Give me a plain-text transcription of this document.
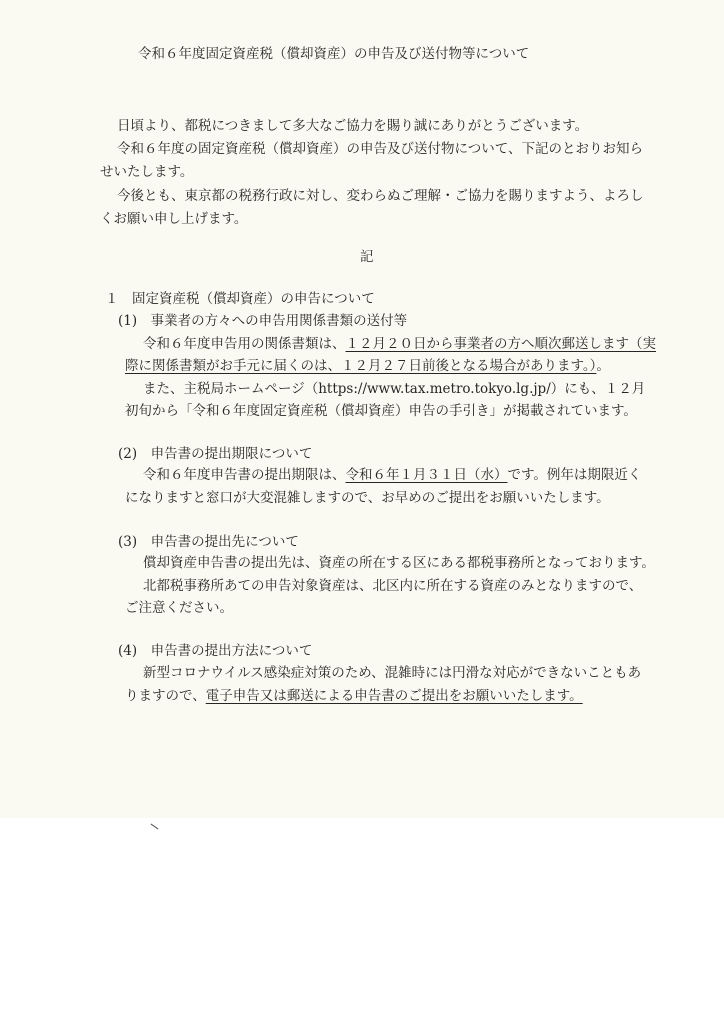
令和６年度固定資産税（償却資産）の申告及び送付物等について

日頃より、都税につきまして多大なご協力を賜り誠にありがとうございます。

令和６年度の固定資産税（償却資産）の申告及び送付物について、下記のとおりお知ら

せいたします。

今後とも、東京都の税務行政に対し、変わらぬご理解・ご協力を賜りますよう、よろし

くお願い申し上げます。

記

１　固定資産税（償却資産）の申告について

(1)　事業者の方々への申告用関係書類の送付等

令和６年度申告用の関係書類は、１２月２０日から事業者の方へ順次郵送します（実

際に関係書類がお手元に届くのは、１２月２７日前後となる場合があります。）。

また、主税局ホームページ（https://www.tax.metro.tokyo.lg.jp/）にも、１２月

初旬から「令和６年度固定資産税（償却資産）申告の手引き」が掲載されています。

(2)　申告書の提出期限について

令和６年度申告書の提出期限は、令和６年１月３１日（水）です。例年は期限近く

になりますと窓口が大変混雑しますので、お早めのご提出をお願いいたします。

(3)　申告書の提出先について

償却資産申告書の提出先は、資産の所在する区にある都税事務所となっております。

北都税事務所あての申告対象資産は、北区内に所在する資産のみとなりますので、

ご注意ください。

(4)　申告書の提出方法について

新型コロナウイルス感染症対策のため、混雑時には円滑な対応ができないこともあ

りますので、電子申告又は郵送による申告書のご提出をお願いいたします。
